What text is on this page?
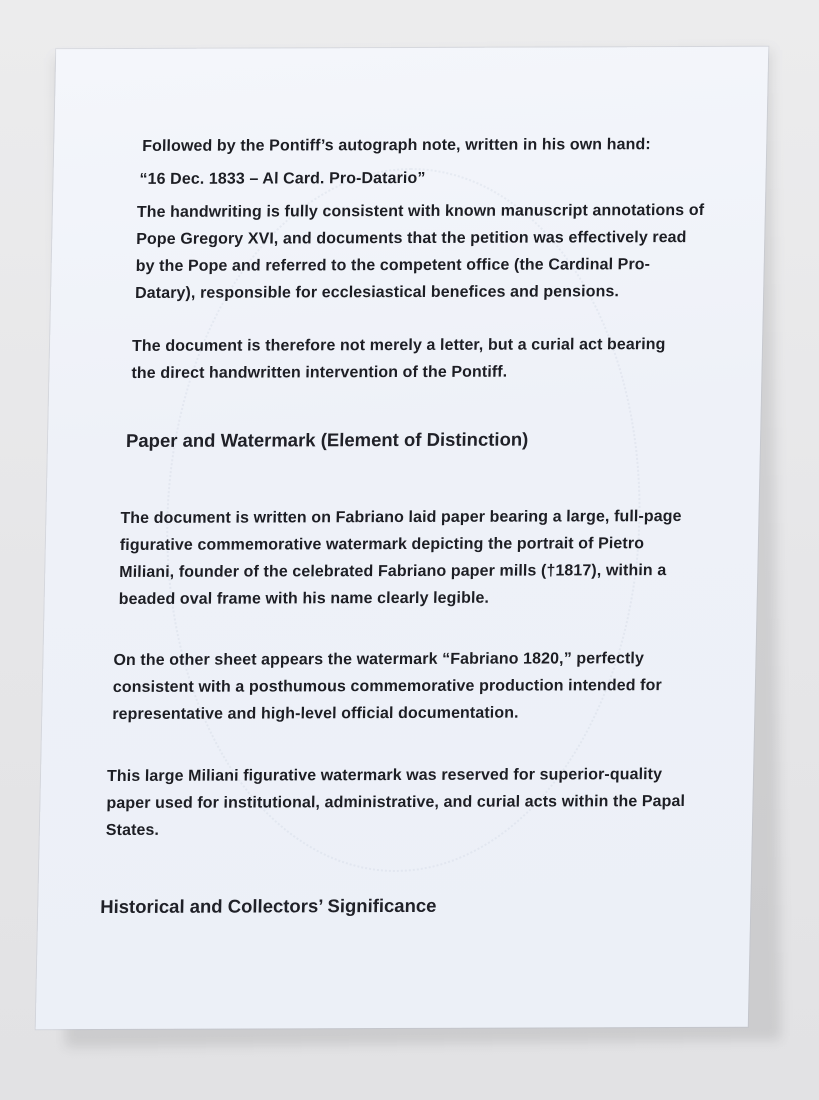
Followed by the Pontiff’s autograph note, written in his own hand:

“16 Dec. 1833 – Al Card. Pro-Datario”

The handwriting is fully consistent with known manuscript annotations of Pope Gregory XVI, and documents that the petition was effectively read by the Pope and referred to the competent office (the Cardinal Pro-Datary), responsible for ecclesiastical benefices and pensions.

The document is therefore not merely a letter, but a curial act bearing the direct handwritten intervention of the Pontiff.

Paper and Watermark (Element of Distinction)

The document is written on Fabriano laid paper bearing a large, full-page figurative commemorative watermark depicting the portrait of Pietro Miliani, founder of the celebrated Fabriano paper mills (†1817), within a beaded oval frame with his name clearly legible.

On the other sheet appears the watermark “Fabriano 1820,” perfectly consistent with a posthumous commemorative production intended for representative and high-level official documentation.

This large Miliani figurative watermark was reserved for superior-quality paper used for institutional, administrative, and curial acts within the Papal States.

Historical and Collectors’ Significance
